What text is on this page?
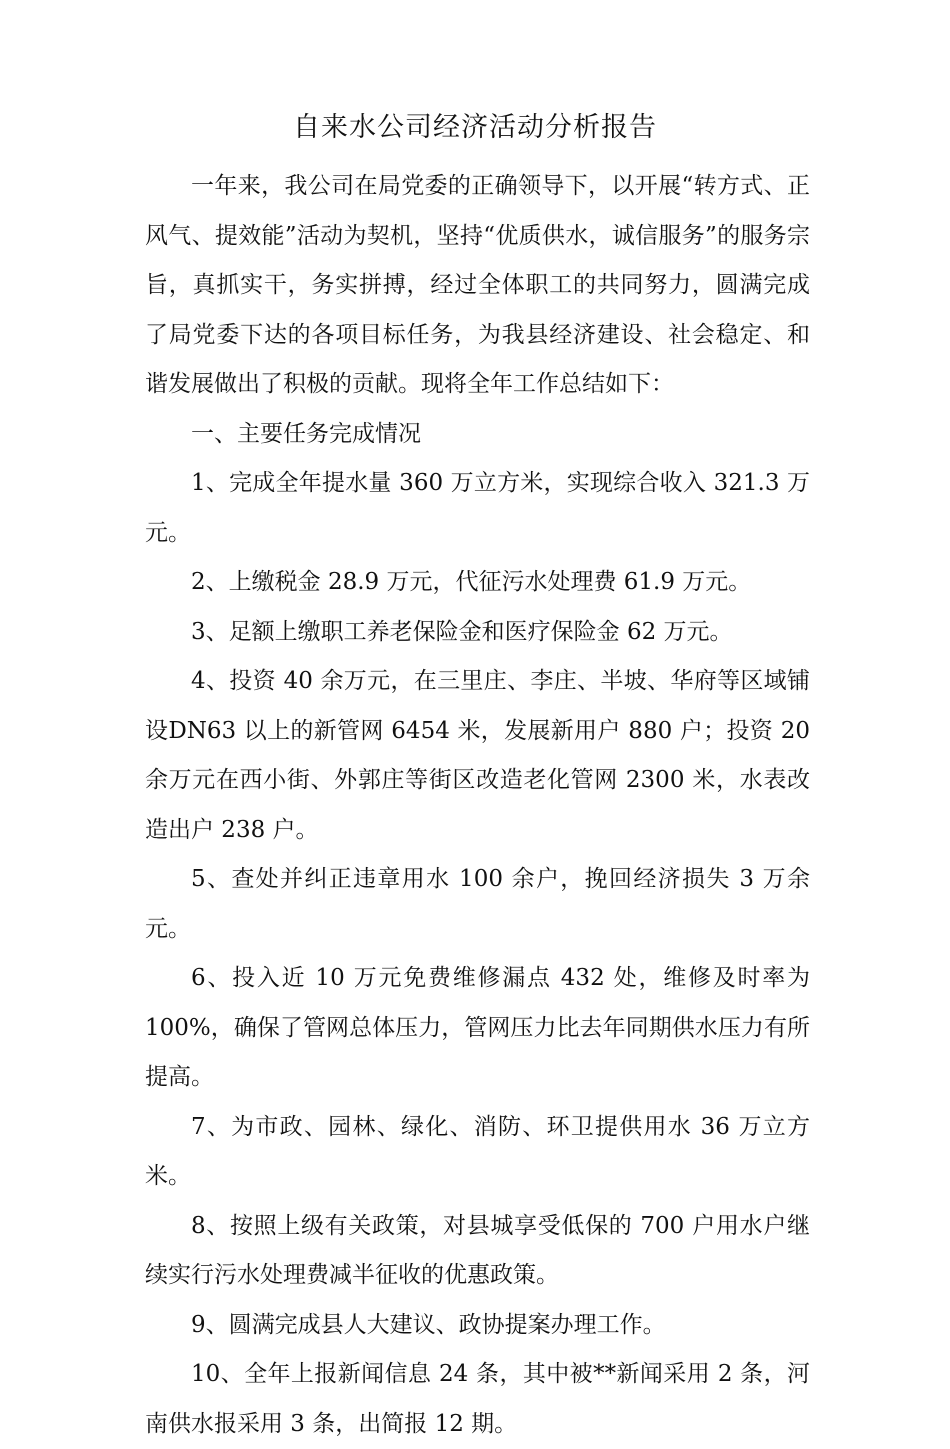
自来水公司经济活动分析报告

一年来，我公司在局党委的正确领导下，以开展“转方式、正风气、提效能”活动为契机，坚持“优质供水，诚信服务”的服务宗旨，真抓实干，务实拼搏，经过全体职工的共同努力，圆满完成了局党委下达的各项目标任务，为我县经济建设、社会稳定、和谐发展做出了积极的贡献。现将全年工作总结如下：

一、主要任务完成情况

1、完成全年提水量 360 万立方米，实现综合收入 321.3 万元。

2、上缴税金 28.9 万元，代征污水处理费 61.9 万元。

3、足额上缴职工养老保险金和医疗保险金 62 万元。

4、投资 40 余万元，在三里庄、李庄、半坡、华府等区域铺设DN63 以上的新管网 6454 米，发展新用户 880 户；投资 20 余万元在西小街、外郭庄等街区改造老化管网 2300 米，水表改造出户 238 户。

5、查处并纠正违章用水 100 余户，挽回经济损失 3 万余元。

6、投入近 10 万元免费维修漏点 432 处，维修及时率为 100%，确保了管网总体压力，管网压力比去年同期供水压力有所提高。

7、为市政、园林、绿化、消防、环卫提供用水 36 万立方米。

8、按照上级有关政策，对县城享受低保的 700 户用水户继续实行污水处理费减半征收的优惠政策。

9、圆满完成县人大建议、政协提案办理工作。

10、全年上报新闻信息 24 条，其中被**新闻采用 2 条，河南供水报采用 3 条，出简报 12 期。
